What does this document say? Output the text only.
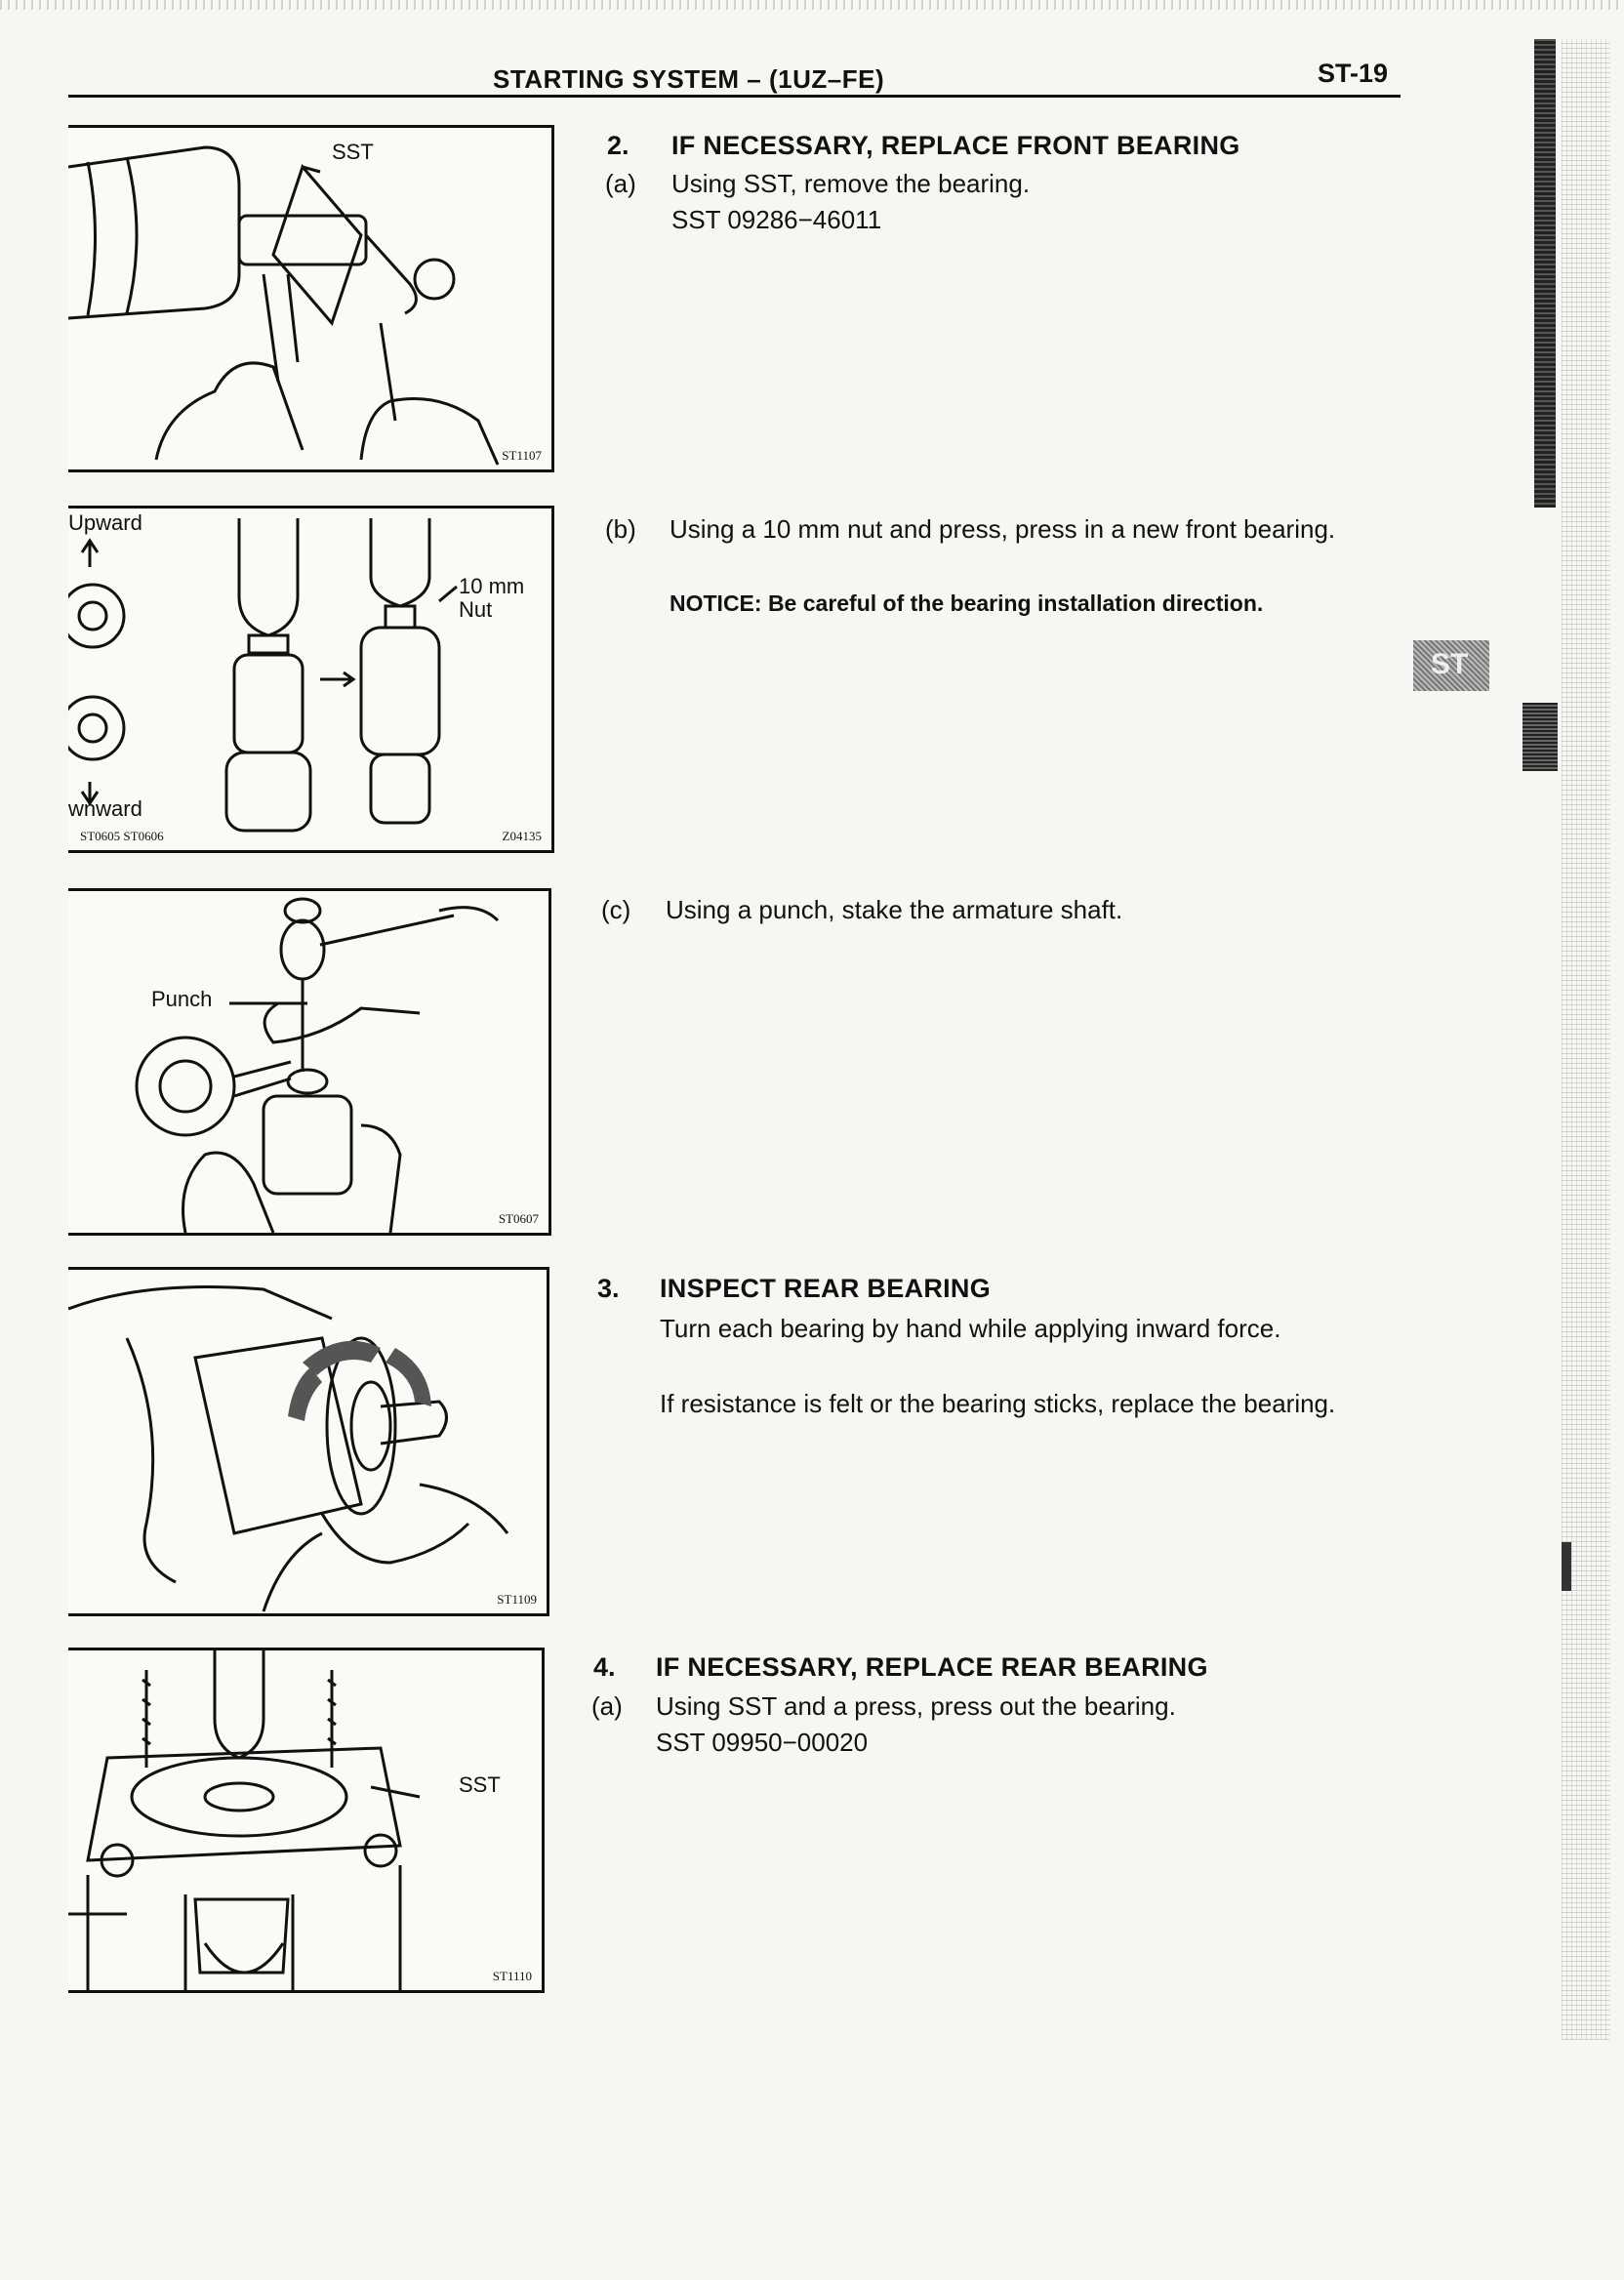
STARTING SYSTEM – (1UZ–FE)	ST-19
SST
ST1107
Upward
wnward
10 mm
Nut
ST0605 ST0606	Z04135
Punch
ST0607
ST1109
SST
ST1110
2. IF NECESSARY, REPLACE FRONT BEARING
(a) Using SST, remove the bearing.
SST 09286−46011
(b) Using a 10 mm nut and press, press in a new front bearing.
NOTICE: Be careful of the bearing installation direction.
(c) Using a punch, stake the armature shaft.
3. INSPECT REAR BEARING
Turn each bearing by hand while applying inward force.
If resistance is felt or the bearing sticks, replace the bearing.
4. IF NECESSARY, REPLACE REAR BEARING
(a) Using SST and a press, press out the bearing.
SST 09950−00020
ST
